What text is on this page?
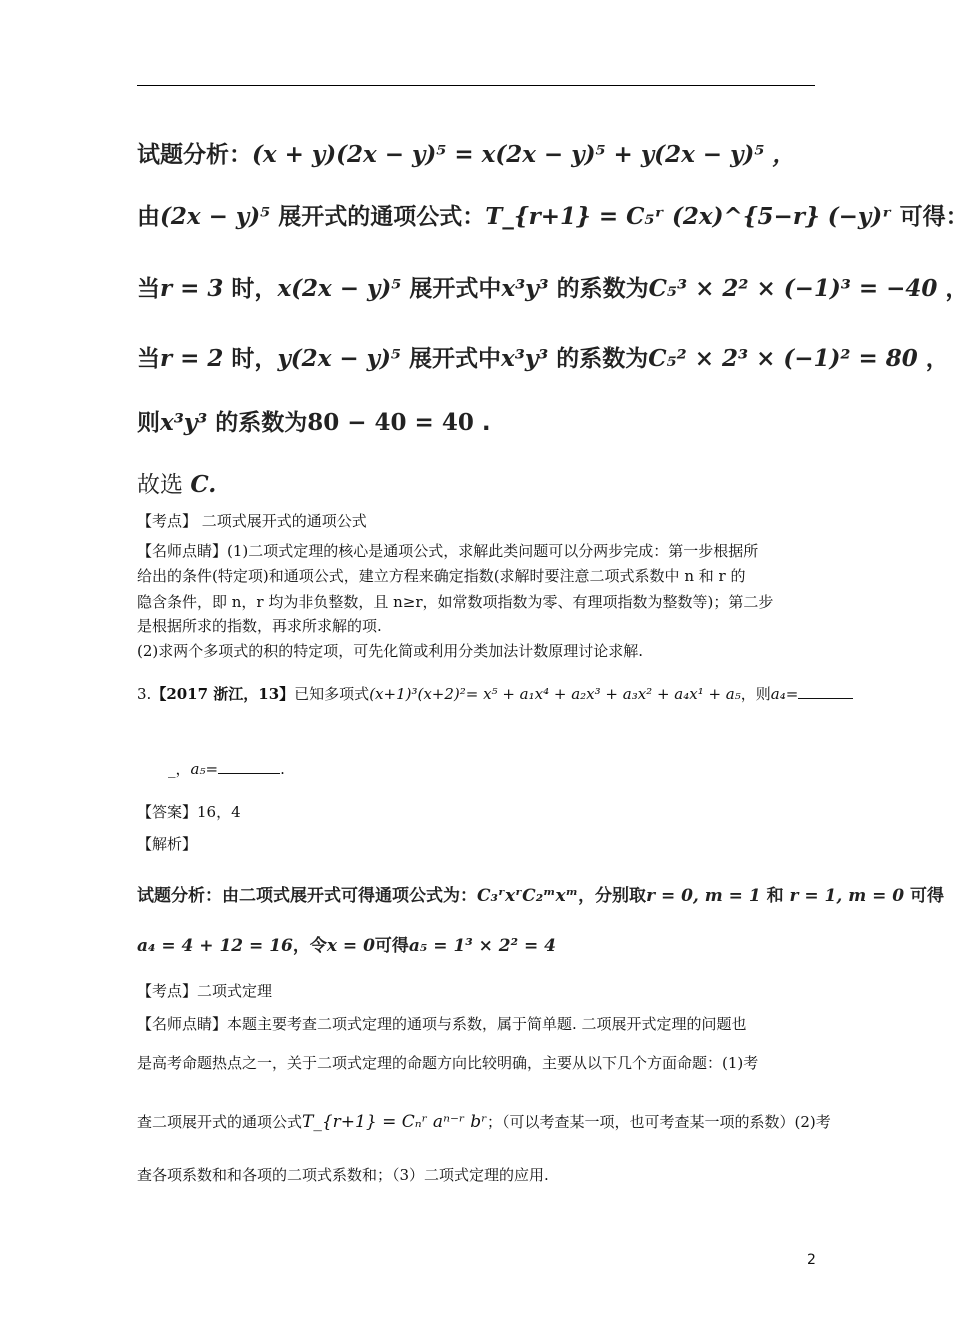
试题分析：(x + y)(2x − y)⁵ = x(2x − y)⁵ + y(2x − y)⁵ ，
由(2x − y)⁵ 展开式的通项公式：T_{r+1} = C₅ʳ (2x)^{5−r} (−y)ʳ 可得：
当r = 3 时，x(2x − y)⁵ 展开式中x³y³ 的系数为C₅³ × 2² × (−1)³ = −40 ，
当r = 2 时，y(2x − y)⁵ 展开式中x³y³ 的系数为C₅² × 2³ × (−1)² = 80 ，
则x³y³ 的系数为80 − 40 = 40 .
故选 C.
【考点】 二项式展开式的通项公式
【名师点睛】(1)二项式定理的核心是通项公式，求解此类问题可以分两步完成：第一步根据所
给出的条件(特定项)和通项公式，建立方程来确定指数(求解时要注意二项式系数中 n 和 r 的
隐含条件，即 n，r 均为非负整数，且 n≥r，如常数项指数为零、有理项指数为整数等)；第二步
是根据所求的指数，再求所求解的项.
(2)求两个多项式的积的特定项，可先化简或利用分类加法计数原理讨论求解.
3.【2017 浙江，13】已知多项式(x+1)³(x+2)²= x⁵ + a₁x⁴ + a₂x³ + a₃x² + a₄x¹ + a₅，则a₄=
_，a₅=	.
【答案】16，4
【解析】
试题分析：由二项式展开式可得通项公式为：C₃ʳxʳC₂ᵐxᵐ，分别取r = 0, m = 1 和 r = 1, m = 0 可得
a₄ = 4 + 12 = 16，令x = 0可得a₅ = 1³ × 2² = 4
【考点】二项式定理
【名师点睛】本题主要考查二项式定理的通项与系数，属于简单题. 二项展开式定理的问题也
是高考命题热点之一，关于二项式定理的命题方向比较明确，主要从以下几个方面命题：(1)考
查二项展开式的通项公式T_{r+1} = Cₙʳ aⁿ⁻ʳ bʳ；（可以考查某一项，也可考查某一项的系数）(2)考
查各项系数和和各项的二项式系数和；（3）二项式定理的应用.
2
